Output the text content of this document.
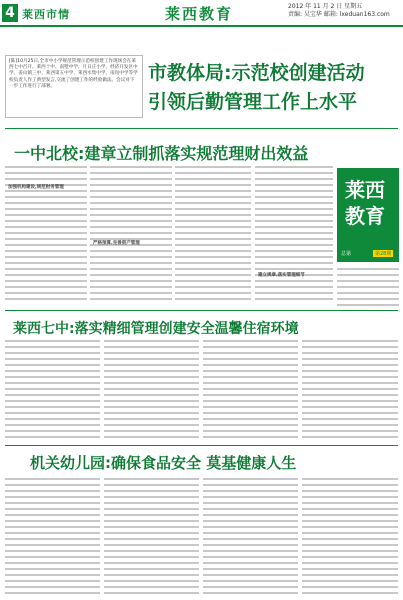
4 莱西市情	莱西教育	2012 年 11 月 2 日 星期五
责编: 吴宝华 邮箱: lxeduan163.com
[陈]10月25日,全市中小学规范管理示范校创建工作现场会在莱西七中召开。莱西十中、南墅中学、月日庄小学、经济开发区中学、姜山镇三中、莱西第五中学、莱西水集中学、南岚中学等学校负责人作了典型发言,交流了创建工作的经验做法。会议对下一步工作进行了部署。
市教体局:示范校创建活动
引领后勤管理工作上水平
一中北校:建章立制抓落实规范理财出效益
加强机构建设,规范财务管理
严格预算,完善资产管理
建立规章,落实管理细节
莱西
教育
总第	第28期
莱西七中:落实精细管理创建安全温馨住宿环境
机关幼儿园:确保食品安全 莫基健康人生
